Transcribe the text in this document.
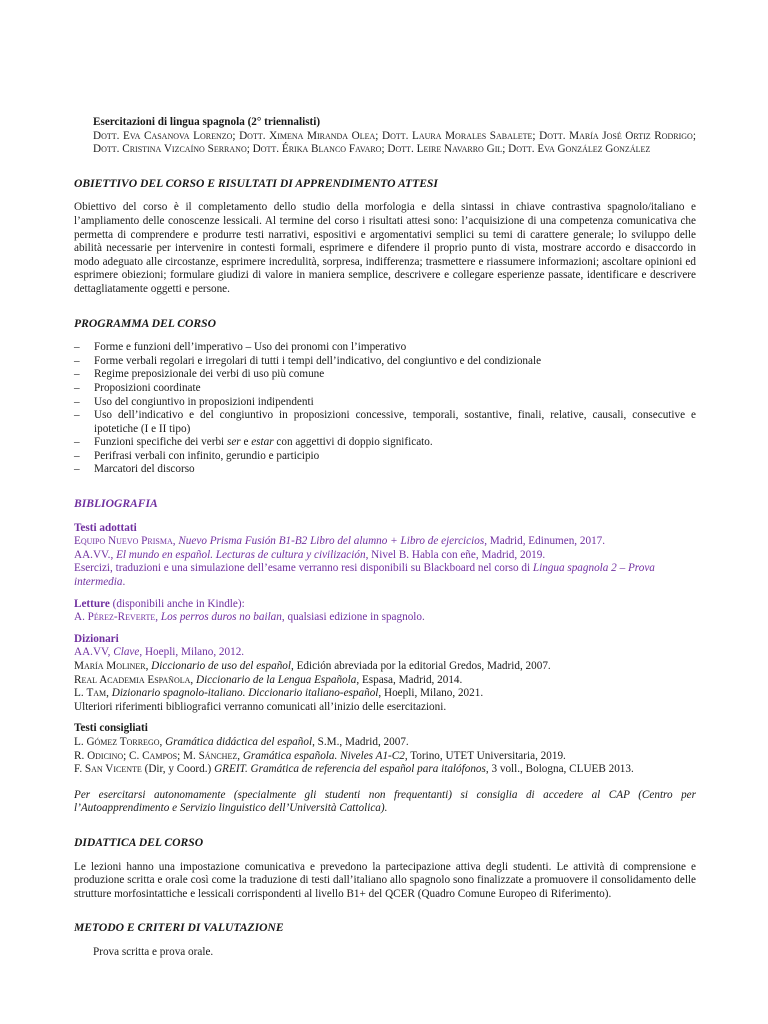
Esercitazioni di lingua spagnola (2° triennalisti)
Dott. Eva Casanova Lorenzo; Dott. Ximena Miranda Olea; Dott. Laura Morales Sabalete; Dott. María José Ortiz Rodrigo; Dott. Cristina Vizcaíno Serrano; Dott. Érika Blanco Favaro; Dott. Leire Navarro Gil; Dott. Eva González González
OBIETTIVO DEL CORSO E RISULTATI DI APPRENDIMENTO ATTESI

Obiettivo del corso è il completamento dello studio della morfologia e della sintassi in chiave contrastiva spagnolo/italiano e l’ampliamento delle conoscenze lessicali. Al termine del corso i risultati attesi sono: l’acquisizione di una competenza comunicativa che permetta di comprendere e produrre testi narrativi, espositivi e argomentativi semplici su temi di carattere generale; lo sviluppo delle abilità necessarie per intervenire in contesti formali, esprimere e difendere il proprio punto di vista, mostrare accordo e disaccordo in modo adeguato alle circostanze, esprimere incredulità, sorpresa, indifferenza; trasmettere e riassumere informazioni; ascoltare opinioni ed esprimere obiezioni; formulare giudizi di valore in maniera semplice, descrivere e collegare esperienze passate, identificare e descrivere dettagliatamente oggetti e persone.

PROGRAMMA DEL CORSO
– Forme e funzioni dell’imperativo – Uso dei pronomi con l’imperativo
– Forme verbali regolari e irregolari di tutti i tempi dell’indicativo, del congiuntivo e del condizionale
– Regime preposizionale dei verbi di uso più comune
– Proposizioni coordinate
– Uso del congiuntivo in proposizioni indipendenti
– Uso dell’indicativo e del congiuntivo in proposizioni concessive, temporali, sostantive, finali, relative, causali, consecutive e ipotetiche (I e II tipo)
– Funzioni specifiche dei verbi ser e estar con aggettivi di doppio significato.
– Perifrasi verbali con infinito, gerundio e participio
– Marcatori del discorso
BIBLIOGRAFIA
Testi adottati
Equipo Nuevo Prisma, Nuevo Prisma Fusión B1-B2 Libro del alumno + Libro de ejercicios, Madrid, Edinumen, 2017.
AA.VV., El mundo en español. Lecturas de cultura y civilización, Nivel B. Habla con eñe, Madrid, 2019.
Esercizi, traduzioni e una simulazione dell’esame verranno resi disponibili su Blackboard nel corso di Lingua spagnola 2 – Prova intermedia.
Letture (disponibili anche in Kindle):
A. Pérez-Reverte, Los perros duros no bailan, qualsiasi edizione in spagnolo.
Dizionari
AA.VV, Clave, Hoepli, Milano, 2012.
María Moliner, Diccionario de uso del español, Edición abreviada por la editorial Gredos, Madrid, 2007.
Real Academia Española, Diccionario de la Lengua Española, Espasa, Madrid, 2014.
L. Tam, Dizionario spagnolo-italiano. Diccionario italiano-español, Hoepli, Milano, 2021.
Ulteriori riferimenti bibliografici verranno comunicati all’inizio delle esercitazioni.
Testi consigliati
L. Gómez Torrego, Gramática didáctica del español, S.M., Madrid, 2007.
R. Odicino; C. Campos; M. Sánchez, Gramática española. Niveles A1-C2, Torino, UTET Universitaria, 2019.
F. San Vicente (Dir, y Coord.) GREIT. Gramática de referencia del español para italófonos, 3 voll., Bologna, CLUEB 2013.

Per esercitarsi autonomamente (specialmente gli studenti non frequentanti) si consiglia di accedere al CAP (Centro per l’Autoapprendimento e Servizio linguistico dell’Università Cattolica).

DIDATTICA DEL CORSO

Le lezioni hanno una impostazione comunicativa e prevedono la partecipazione attiva degli studenti. Le attività di comprensione e produzione scritta e orale così come la traduzione di testi dall’italiano allo spagnolo sono finalizzate a promuovere il consolidamento delle strutture morfosintattiche e lessicali corrispondenti al livello B1+ del QCER (Quadro Comune Europeo di Riferimento).

METODO E CRITERI DI VALUTAZIONE

Prova scritta e prova orale.
